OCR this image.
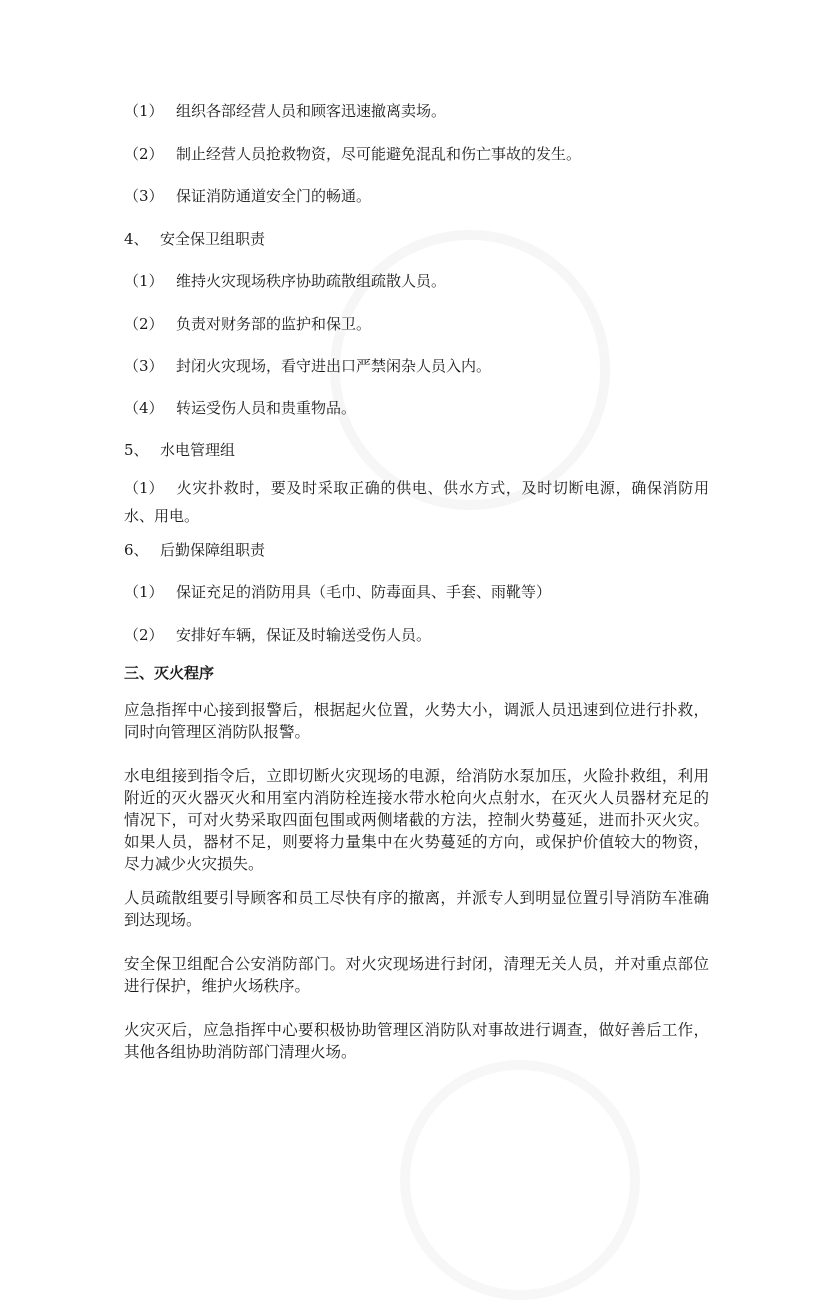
（1） 组织各部经营人员和顾客迅速撤离卖场。
（2） 制止经营人员抢救物资，尽可能避免混乱和伤亡事故的发生。
（3） 保证消防通道安全门的畅通。
4、 安全保卫组职责
（1） 维持火灾现场秩序协助疏散组疏散人员。
（2） 负责对财务部的监护和保卫。
（3） 封闭火灾现场，看守进出口严禁闲杂人员入内。
（4） 转运受伤人员和贵重物品。
5、 水电管理组
（1） 火灾扑救时，要及时采取正确的供电、供水方式，及时切断电源，确保消防用水、用电。
6、 后勤保障组职责
（1） 保证充足的消防用具（毛巾、防毒面具、手套、雨靴等）
（2） 安排好车辆，保证及时输送受伤人员。
三、灭火程序
应急指挥中心接到报警后，根据起火位置，火势大小，调派人员迅速到位进行扑救，同时向管理区消防队报警。
水电组接到指令后，立即切断火灾现场的电源，给消防水泵加压，火险扑救组，利用附近的灭火器灭火和用室内消防栓连接水带水枪向火点射水，在灭火人员器材充足的情况下，可对火势采取四面包围或两侧堵截的方法，控制火势蔓延，进而扑灭火灾。如果人员，器材不足，则要将力量集中在火势蔓延的方向，或保护价值较大的物资，尽力减少火灾损失。
人员疏散组要引导顾客和员工尽快有序的撤离，并派专人到明显位置引导消防车准确到达现场。
安全保卫组配合公安消防部门。对火灾现场进行封闭，清理无关人员，并对重点部位进行保护，维护火场秩序。
火灾灭后，应急指挥中心要积极协助管理区消防队对事故进行调查，做好善后工作，其他各组协助消防部门清理火场。
